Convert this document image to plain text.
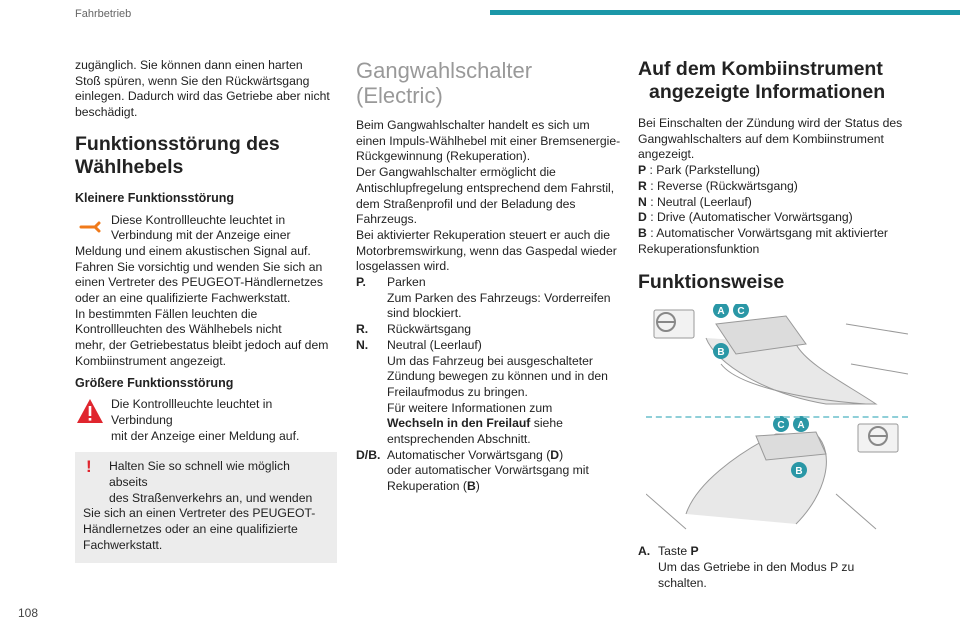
Fahrbetrieb
108

zugänglich. Sie können dann einen harten
Stoß spüren, wenn Sie den Rückwärtsgang
einlegen. Dadurch wird das Getriebe aber nicht
beschädigt.

Funktionsstörung des
Wählhebels
Kleinere Funktionsstörung
Diese Kontrollleuchte leuchtet in
Verbindung mit der Anzeige einer

Meldung und einem akustischen Signal auf.
Fahren Sie vorsichtig und wenden Sie sich an
einen Vertreter des PEUGEOT-Händlernetzes
oder an eine qualifizierte Fachwerkstatt.
In bestimmten Fällen leuchten die
Kontrollleuchten des Wählhebels nicht
mehr, der Getriebestatus bleibt jedoch auf dem
Kombiinstrument angezeigt.

Größere Funktionsstörung
Die Kontrollleuchte leuchtet in Verbindung
mit der Anzeige einer Meldung auf.
! Halten Sie so schnell wie möglich abseits
des Straßenverkehrs an, und wenden
Sie sich an einen Vertreter des PEUGEOT-
Händlernetzes oder an eine qualifizierte
Fachwerkstatt.
Gangwahlschalter
(Electric)

Beim Gangwahlschalter handelt es sich um
einen Impuls-Wählhebel mit einer Bremsenergie-
Rückgewinnung (Rekuperation).
Der Gangwahlschalter ermöglicht die
Antischlupfregelung entsprechend dem Fahrstil,
dem Straßenprofil und der Beladung des
Fahrzeugs.
Bei aktivierter Rekuperation steuert er auch die
Motorbremswirkung, wenn das Gaspedal wieder
losgelassen wird.

P.	Parken
Zum Parken des Fahrzeugs: Vorderreifen
sind blockiert.
R.	Rückwärtsgang
N.	Neutral (Leerlauf)
Um das Fahrzeug bei ausgeschalteter
Zündung bewegen zu können und in den
Freilaufmodus zu bringen.
Für weitere Informationen zum
Wechseln in den Freilauf siehe
entsprechenden Abschnitt.
D/B. Automatischer Vorwärtsgang (D)
oder automatischer Vorwärtsgang mit
Rekuperation (B)
Auf dem Kombiinstrument
angezeigte Informationen

Bei Einschalten der Zündung wird der Status des
Gangwahlschalters auf dem Kombiinstrument
angezeigt.

P : Park (Parkstellung)
R : Reverse (Rückwärtsgang)
N : Neutral (Leerlauf)
D : Drive (Automatischer Vorwärtsgang)
B : Automatischer Vorwärtsgang mit aktivierter
Rekuperationsfunktion

Funktionsweise
A C
B
C A
B
A. Taste P
Um das Getriebe in den Modus P zu
schalten.
